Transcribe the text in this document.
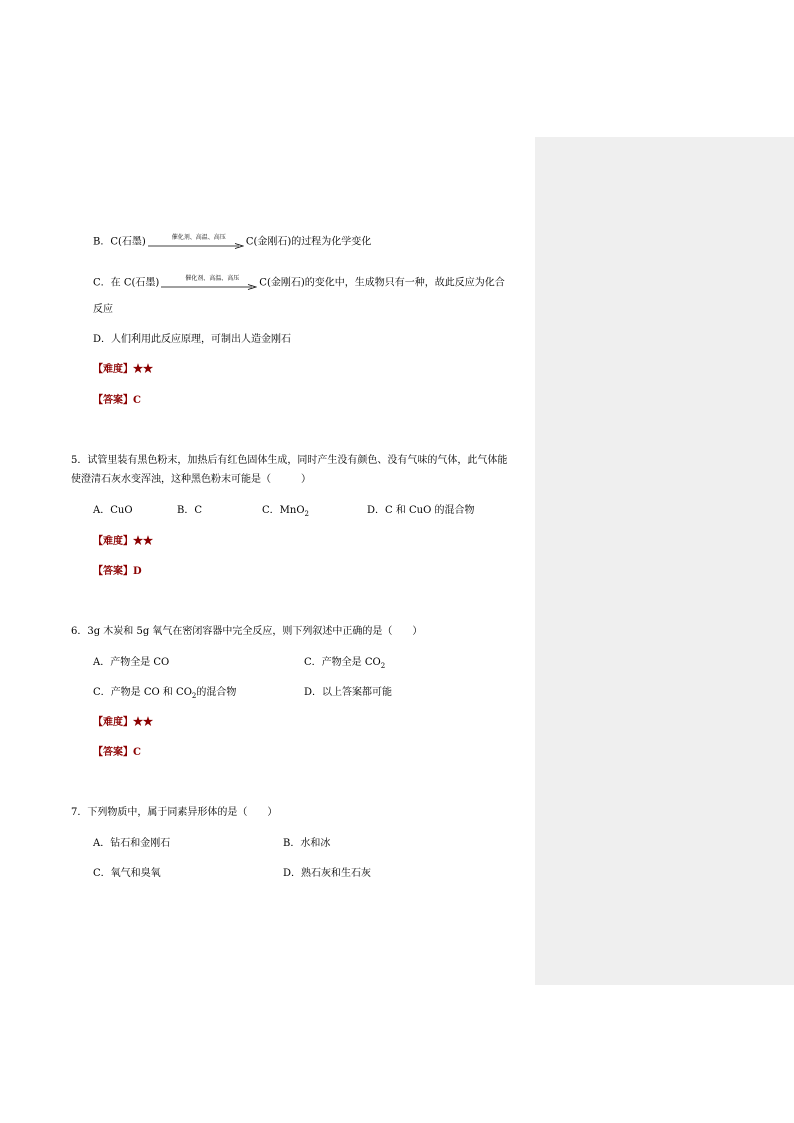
B．C(石墨)	催化剂、高温、高压	C(金刚石)的过程为化学变化
C．在 C(石墨)	催化剂、高温、高压	C(金刚石)的变化中，生成物只有一种，故此反应为化合
反应
D．人们利用此反应原理，可制出人造金刚石
【难度】★★
【答案】C
5．试管里装有黑色粉末，加热后有红色固体生成，同时产生没有颜色、没有气味的气体，此气体能
使澄清石灰水变浑浊，这种黑色粉末可能是（　　　）
A．CuO	B．C	C．MnO$_2$	D．C 和 CuO 的混合物
【难度】★★
【答案】D
6．3g 木炭和 5g 氧气在密闭容器中完全反应，则下列叙述中正确的是（　　）
A．产物全是 CO	C．产物全是 $CO_2$
C．产物是 CO 和 $CO_2$的混合物	D．以上答案都可能
【难度】★★
【答案】C
7．下列物质中，属于同素异形体的是（　　）
A．钻石和金刚石	B．水和冰
C．氧气和臭氧	D．熟石灰和生石灰
